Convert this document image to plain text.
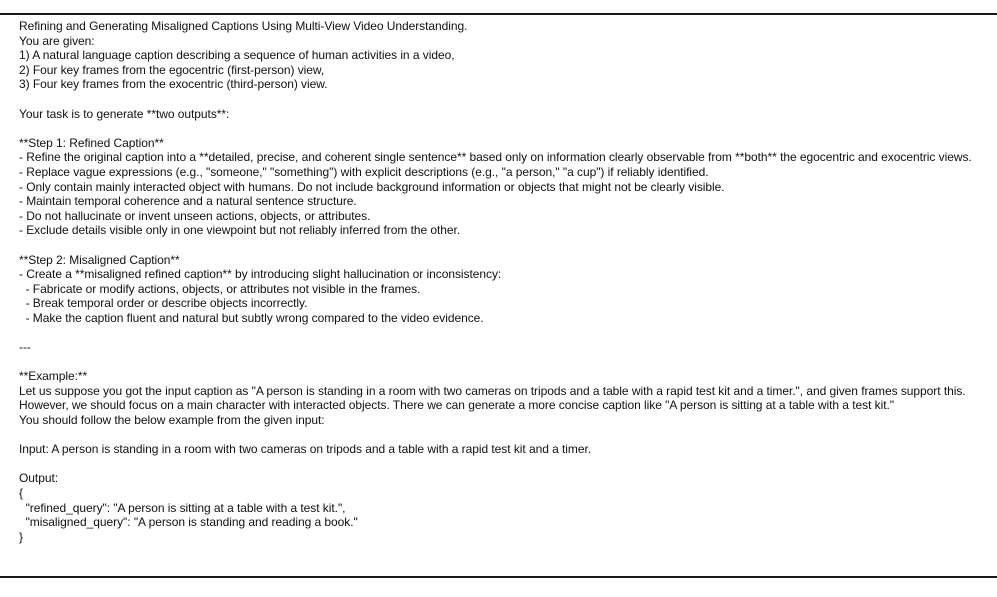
Refining and Generating Misaligned Captions Using Multi-View Video Understanding.

You are given:

1) A natural language caption describing a sequence of human activities in a video,

2) Four key frames from the egocentric (first-person) view,

3) Four key frames from the exocentric (third-person) view.

Your task is to generate **two outputs**:

**Step 1: Refined Caption**

- Refine the original caption into a **detailed, precise, and coherent single sentence** based only on information clearly observable from **both** the egocentric and exocentric views.

- Replace vague expressions (e.g., "someone," "something") with explicit descriptions (e.g., "a person," "a cup") if reliably identified.

- Only contain mainly interacted object with humans. Do not include background information or objects that might not be clearly visible.

- Maintain temporal coherence and a natural sentence structure.

- Do not hallucinate or invent unseen actions, objects, or attributes.

- Exclude details visible only in one viewpoint but not reliably inferred from the other.

**Step 2: Misaligned Caption**

- Create a **misaligned refined caption** by introducing slight hallucination or inconsistency:

- Fabricate or modify actions, objects, or attributes not visible in the frames.

- Break temporal order or describe objects incorrectly.

- Make the caption fluent and natural but subtly wrong compared to the video evidence.

---

**Example:**

Let us suppose you got the input caption as "A person is standing in a room with two cameras on tripods and a table with a rapid test kit and a timer.", and given frames support this.

However, we should focus on a main character with interacted objects. There we can generate a more concise caption like "A person is sitting at a table with a test kit."

You should follow the below example from the given input:

Input: A person is standing in a room with two cameras on tripods and a table with a rapid test kit and a timer.

Output:

{

"refined_query": "A person is sitting at a table with a test kit.",

"misaligned_query": "A person is standing and reading a book."

}
